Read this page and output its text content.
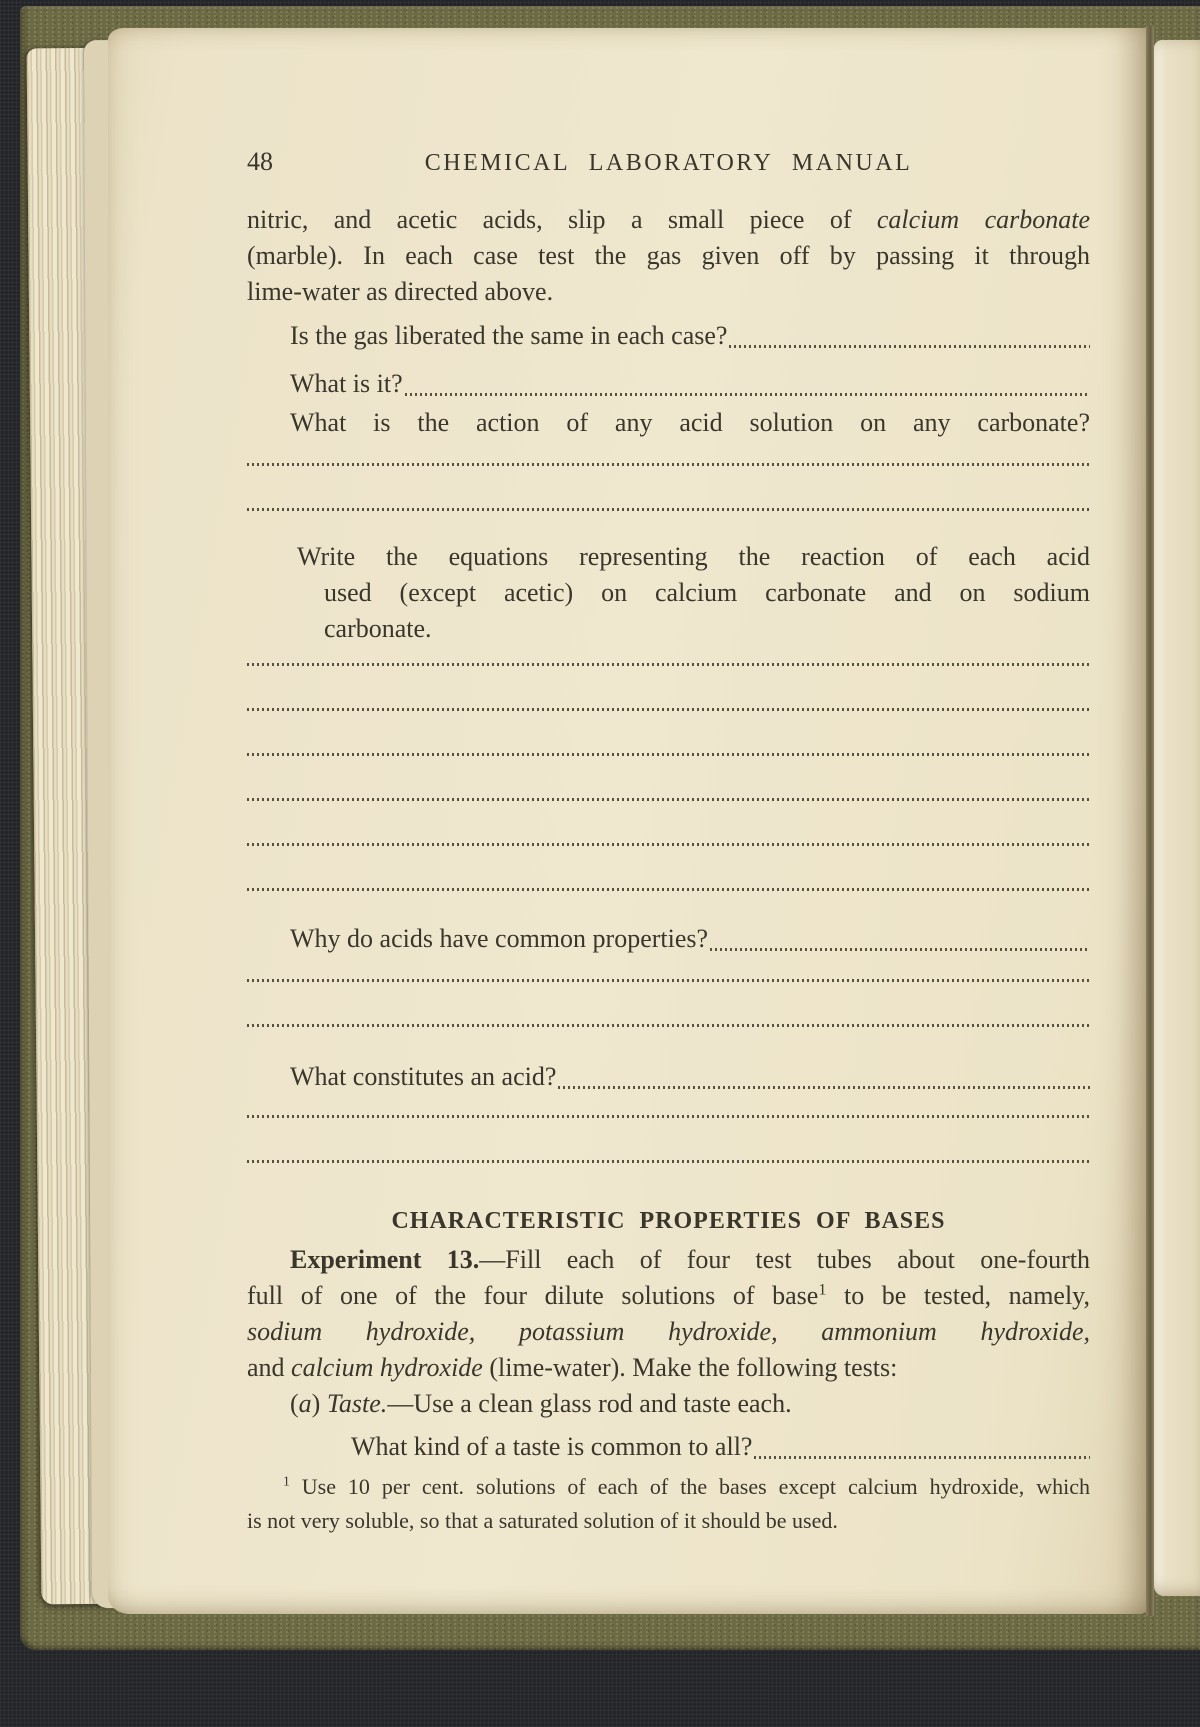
48	CHEMICAL LABORATORY MANUAL
nitric, and acetic acids, slip a small piece of calcium carbonate
(marble). In each case test the gas given off by passing it through
lime-water as directed above.
Is the gas liberated the same in each case?
What is it?
What is the action of any acid solution on any carbonate?
Write the equations representing the reaction of each acid
used (except acetic) on calcium carbonate and on sodium
carbonate.
Why do acids have common properties?
What constitutes an acid?
CHARACTERISTIC PROPERTIES OF BASES
Experiment 13.—Fill each of four test tubes about one-fourth
full of one of the four dilute solutions of base$^1$ to be tested, namely,
sodium hydroxide, potassium hydroxide, ammonium hydroxide,
and calcium hydroxide (lime-water). Make the following tests:
(a) Taste.—Use a clean glass rod and taste each.
What kind of a taste is common to all?
$^1$ Use 10 per cent. solutions of each of the bases except calcium hydroxide, which
is not very soluble, so that a saturated solution of it should be used.
